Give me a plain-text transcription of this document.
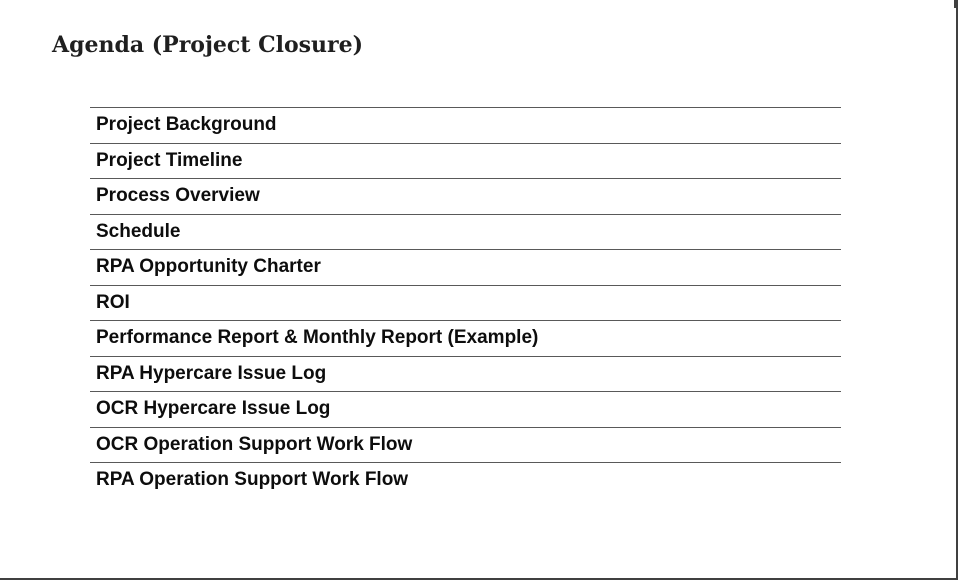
Agenda (Project Closure)
Project Background
Project Timeline
Process Overview
Schedule
RPA Opportunity Charter
ROI
Performance Report & Monthly Report (Example)
RPA Hypercare Issue Log
OCR Hypercare Issue Log
OCR Operation Support Work Flow
RPA Operation Support Work Flow
